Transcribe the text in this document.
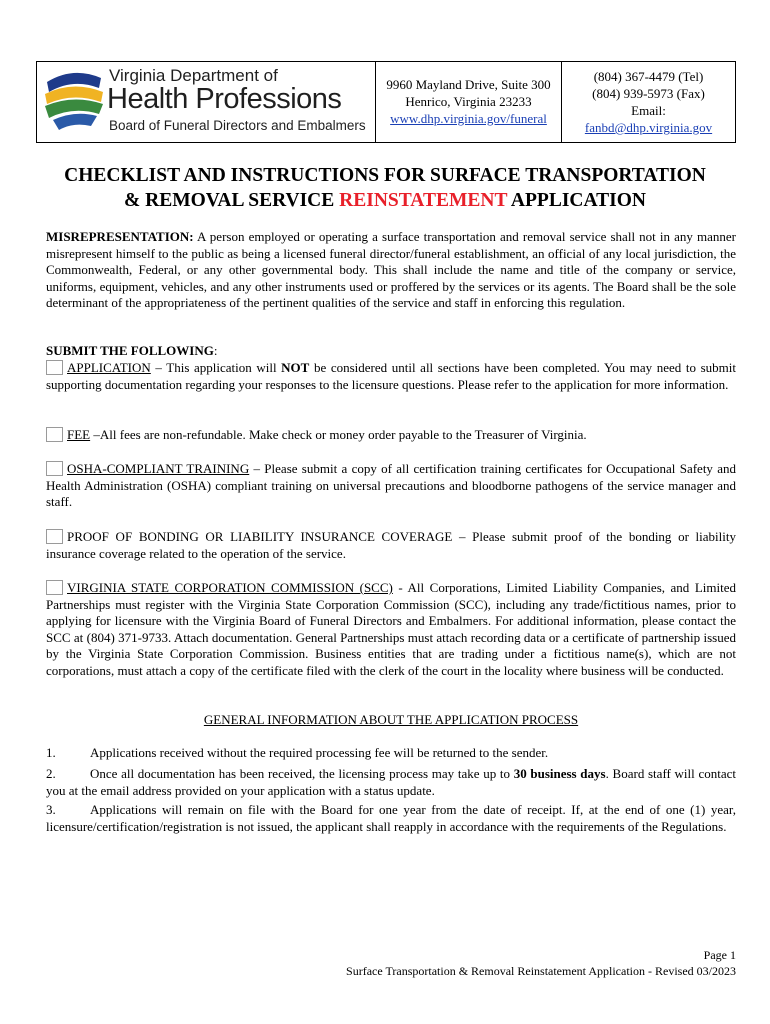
Virginia Department of
Health Professions
Board of Funeral Directors and Embalmers
9960 Mayland Drive, Suite 300
Henrico, Virginia 23233
www.dhp.virginia.gov/funeral
(804) 367-4479 (Tel)
(804) 939-5973 (Fax)
Email:
fanbd@dhp.virginia.gov
CHECKLIST AND INSTRUCTIONS FOR SURFACE TRANSPORTATION
& REMOVAL SERVICE REINSTATEMENT APPLICATION
MISREPRESENTATION: A person employed or operating a surface transportation and removal service shall not in any manner misrepresent himself to the public as being a licensed funeral director/funeral establishment, an official of any local jurisdiction, the Commonwealth, Federal, or any other governmental body. This shall include the name and title of the company or service, uniforms, equipment, vehicles, and any other instruments used or proffered by the services or its agents. The Board shall be the sole determinant of the appropriateness of the pertinent qualities of the service and staff in enforcing this regulation.
SUBMIT THE FOLLOWING:
APPLICATION – This application will NOT be considered until all sections have been completed. You may need to submit supporting documentation regarding your responses to the licensure questions. Please refer to the application for more information.
FEE –All fees are non-refundable. Make check or money order payable to the Treasurer of Virginia.
OSHA-COMPLIANT TRAINING – Please submit a copy of all certification training certificates for Occupational Safety and Health Administration (OSHA) compliant training on universal precautions and bloodborne pathogens of the service manager and staff.
PROOF OF BONDING OR LIABILITY INSURANCE COVERAGE – Please submit proof of the bonding or liability insurance coverage related to the operation of the service.
VIRGINIA STATE CORPORATION COMMISSION (SCC) - All Corporations, Limited Liability Companies, and Limited Partnerships must register with the Virginia State Corporation Commission (SCC), including any trade/fictitious names, prior to applying for licensure with the Virginia Board of Funeral Directors and Embalmers. For additional information, please contact the SCC at (804) 371-9733. Attach documentation. General Partnerships must attach recording data or a certificate of partnership issued by the Virginia State Corporation Commission. Business entities that are trading under a fictitious name(s), which are not corporations, must attach a copy of the certificate filed with the clerk of the court in the locality where business will be conducted.
GENERAL INFORMATION ABOUT THE APPLICATION PROCESS
1.	Applications received without the required processing fee will be returned to the sender.
2.	Once all documentation has been received, the licensing process may take up to 30 business days. Board staff will contact you at the email address provided on your application with a status update.
3.	Applications will remain on file with the Board for one year from the date of receipt. If, at the end of one (1) year, licensure/certification/registration is not issued, the applicant shall reapply in accordance with the requirements of the Regulations.
Page 1
Surface Transportation & Removal Reinstatement Application - Revised 03/2023
